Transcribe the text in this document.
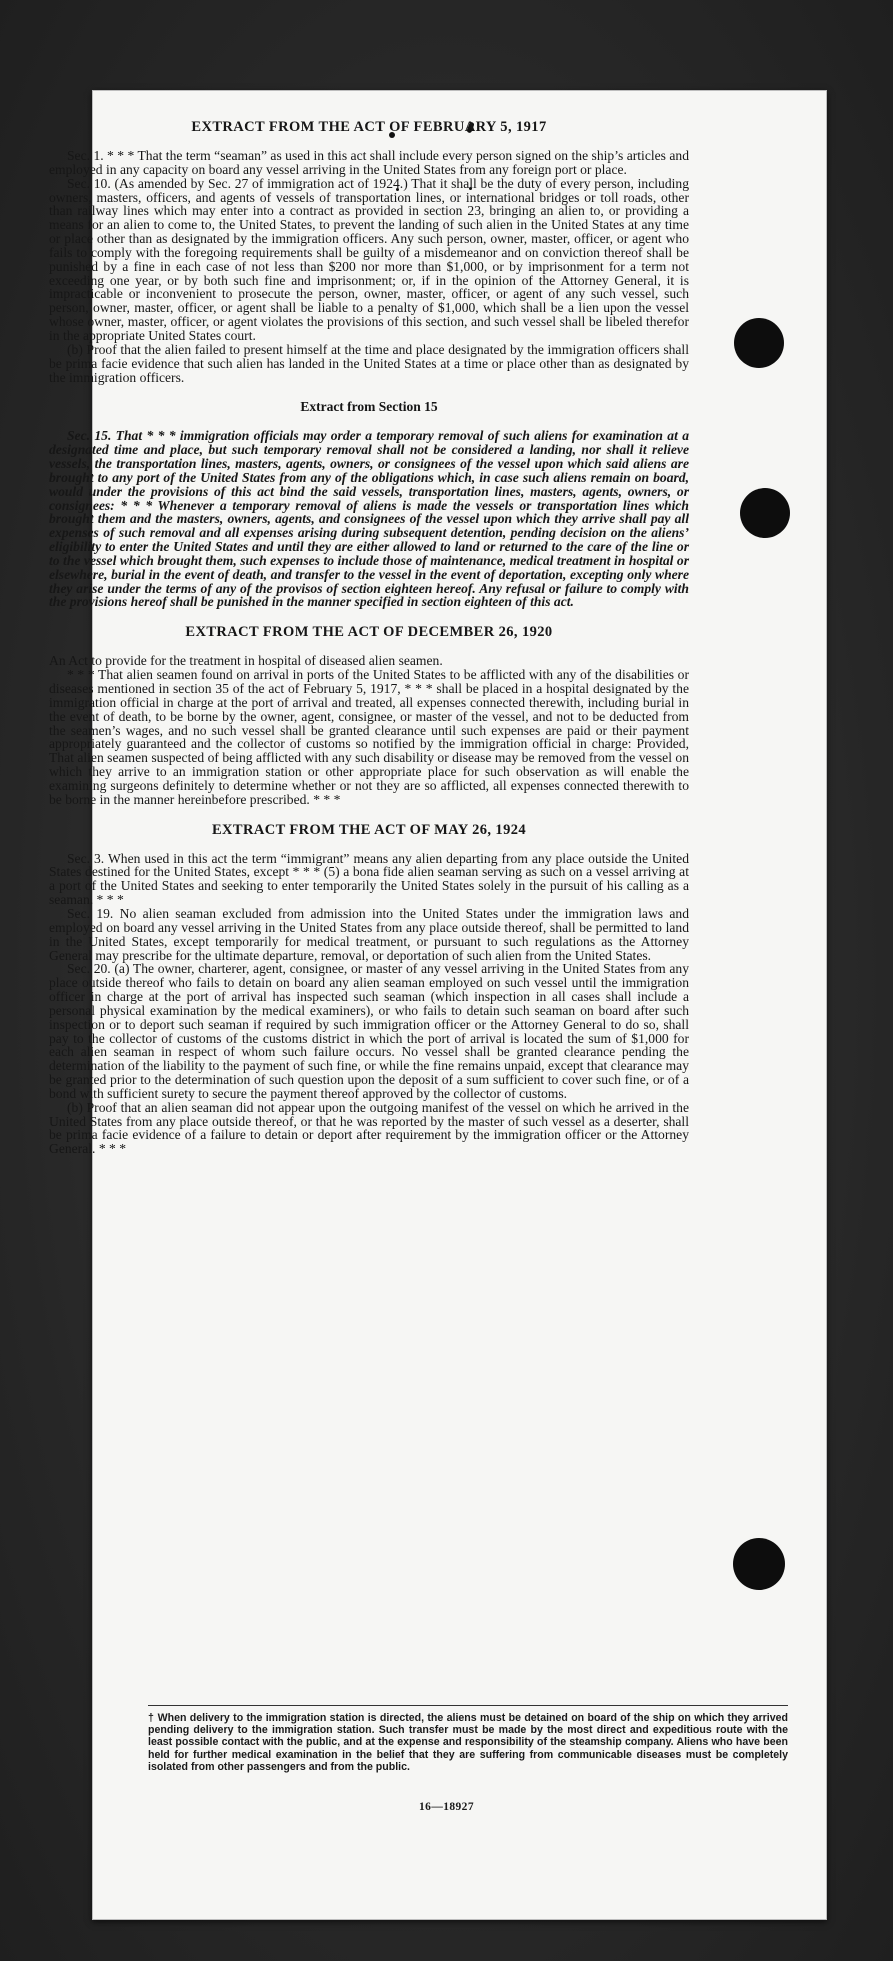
EXTRACT FROM THE ACT OF FEBRUARY 5, 1917

Sec. 1. * * * That the term “seaman” as used in this act shall include every person signed on the ship’s articles and employed in any capacity on board any vessel arriving in the United States from any foreign port or place.

Sec. 10. (As amended by Sec. 27 of immigration act of 1924.) That it shall be the duty of every person, including owners, masters, officers, and agents of vessels of transportation lines, or international bridges or toll roads, other than railway lines which may enter into a contract as provided in section 23, bringing an alien to, or providing a means for an alien to come to, the United States, to prevent the landing of such alien in the United States at any time or place other than as designated by the immigration officers. Any such person, owner, master, officer, or agent who fails to comply with the foregoing requirements shall be guilty of a misdemeanor and on conviction thereof shall be punished by a fine in each case of not less than $200 nor more than $1,000, or by imprisonment for a term not exceeding one year, or by both such fine and imprisonment; or, if in the opinion of the Attorney General, it is impracticable or inconvenient to prosecute the person, owner, master, officer, or agent of any such vessel, such person, owner, master, officer, or agent shall be liable to a penalty of $1,000, which shall be a lien upon the vessel whose owner, master, officer, or agent violates the provisions of this section, and such vessel shall be libeled therefor in the appropriate United States court.

(b) Proof that the alien failed to present himself at the time and place designated by the immigration officers shall be prima facie evidence that such alien has landed in the United States at a time or place other than as designated by the immigration officers.

Extract from Section 15

Sec. 15. That * * * immigration officials may order a temporary removal of such aliens for examination at a designated time and place, but such temporary removal shall not be considered a landing, nor shall it relieve vessels, the transportation lines, masters, agents, owners, or consignees of the vessel upon which said aliens are brought to any port of the United States from any of the obligations which, in case such aliens remain on board, would under the provisions of this act bind the said vessels, transportation lines, masters, agents, owners, or consignees: * * * Whenever a temporary removal of aliens is made the vessels or transportation lines which brought them and the masters, owners, agents, and consignees of the vessel upon which they arrive shall pay all expenses of such removal and all expenses arising during subsequent detention, pending decision on the aliens’ eligibility to enter the United States and until they are either allowed to land or returned to the care of the line or to the vessel which brought them, such expenses to include those of maintenance, medical treatment in hospital or elsewhere, burial in the event of death, and transfer to the vessel in the event of deportation, excepting only where they arise under the terms of any of the provisos of section eighteen hereof. Any refusal or failure to comply with the provisions hereof shall be punished in the manner specified in section eighteen of this act.

EXTRACT FROM THE ACT OF DECEMBER 26, 1920

An Act to provide for the treatment in hospital of diseased alien seamen.

* * * That alien seamen found on arrival in ports of the United States to be afflicted with any of the disabilities or diseases mentioned in section 35 of the act of February 5, 1917, * * * shall be placed in a hospital designated by the immigration official in charge at the port of arrival and treated, all expenses connected therewith, including burial in the event of death, to be borne by the owner, agent, consignee, or master of the vessel, and not to be deducted from the seamen’s wages, and no such vessel shall be granted clearance until such expenses are paid or their payment appropriately guaranteed and the collector of customs so notified by the immigration official in charge: Provided, That alien seamen suspected of being afflicted with any such disability or disease may be removed from the vessel on which they arrive to an immigration station or other appropriate place for such observation as will enable the examining surgeons definitely to determine whether or not they are so afflicted, all expenses connected therewith to be borne in the manner hereinbefore prescribed. * * *

EXTRACT FROM THE ACT OF MAY 26, 1924

Sec. 3. When used in this act the term “immigrant” means any alien departing from any place outside the United States destined for the United States, except * * * (5) a bona fide alien seaman serving as such on a vessel arriving at a port of the United States and seeking to enter temporarily the United States solely in the pursuit of his calling as a seaman. * * *

Sec. 19. No alien seaman excluded from admission into the United States under the immigration laws and employed on board any vessel arriving in the United States from any place outside thereof, shall be permitted to land in the United States, except temporarily for medical treatment, or pursuant to such regulations as the Attorney General may prescribe for the ultimate departure, removal, or deportation of such alien from the United States.

Sec. 20. (a) The owner, charterer, agent, consignee, or master of any vessel arriving in the United States from any place outside thereof who fails to detain on board any alien seaman employed on such vessel until the immigration officer in charge at the port of arrival has inspected such seaman (which inspection in all cases shall include a personal physical examination by the medical examiners), or who fails to detain such seaman on board after such inspection or to deport such seaman if required by such immigration officer or the Attorney General to do so, shall pay to the collector of customs of the customs district in which the port of arrival is located the sum of $1,000 for each alien seaman in respect of whom such failure occurs. No vessel shall be granted clearance pending the determination of the liability to the payment of such fine, or while the fine remains unpaid, except that clearance may be granted prior to the determination of such question upon the deposit of a sum sufficient to cover such fine, or of a bond with sufficient surety to secure the payment thereof approved by the collector of customs.

(b) Proof that an alien seaman did not appear upon the outgoing manifest of the vessel on which he arrived in the United States from any place outside thereof, or that he was reported by the master of such vessel as a deserter, shall be prima facie evidence of a failure to detain or deport after requirement by the immigration officer or the Attorney General. * * *

† When delivery to the immigration station is directed, the aliens must be detained on board of the ship on which they arrived pending delivery to the immigration station. Such transfer must be made by the most direct and expeditious route with the least possible contact with the public, and at the expense and responsibility of the steamship company. Aliens who have been held for further medical examination in the belief that they are suffering from communicable diseases must be completely isolated from other passengers and from the public.
16—18927
